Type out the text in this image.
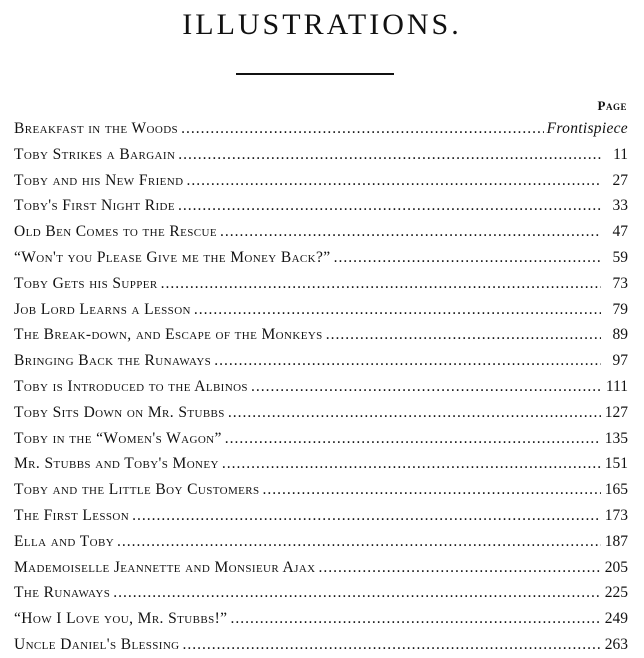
ILLUSTRATIONS.
Page
Breakfast in the Woods .....	Frontispiece
Toby Strikes a Bargain .....	11
Toby and his New Friend .....	27
Toby's First Night Ride .....	33
Old Ben Comes to the Rescue .....	47
“Won't you Please Give me the Money Back?” .....	59
Toby Gets his Supper .....	73
Job Lord Learns a Lesson .....	79
The Break-down, and Escape of the Monkeys .....	89
Bringing Back the Runaways .....	97
Toby is Introduced to the Albinos .....	111
Toby Sits Down on Mr. Stubbs .....	127
Toby in the “Women's Wagon” .....	135
Mr. Stubbs and Toby's Money .....	151
Toby and the Little Boy Customers .....	165
The First Lesson .....	173
Ella and Toby .....	187
Mademoiselle Jeannette and Monsieur Ajax .....	205
The Runaways .....	225
“How I Love you, Mr. Stubbs!” .....	249
Uncle Daniel's Blessing .....	263
